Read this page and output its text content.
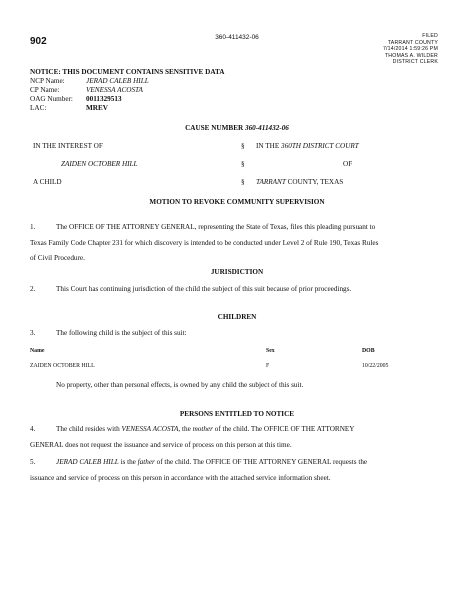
902	360-411432-06	FILED
TARRANT COUNTY
7/14/2014 1:59:26 PM
THOMAS A. WILDER
DISTRICT CLERK
NOTICE: THIS DOCUMENT CONTAINS SENSITIVE DATA
NCP Name:	JERAD CALEB HILL
CP Name:	VENESSA ACOSTA
OAG Number:	0011329513
LAC:	MREV
CAUSE NUMBER 360-411432-06
IN THE INTEREST OF	§ IN THE 360TH DISTRICT COURT
ZAIDEN OCTOBER HILL	§	OF
A CHILD	§ TARRANT COUNTY, TEXAS
MOTION TO REVOKE COMMUNITY SUPERVISION
1.	The OFFICE OF THE ATTORNEY GENERAL, representing the State of Texas, files this pleading pursuant to
Texas Family Code Chapter 231 for which discovery is intended to be conducted under Level 2 of Rule 190, Texas Rules
of Civil Procedure.
JURISDICTION
2.	This Court has continuing jurisdiction of the child the subject of this suit because of prior proceedings.
CHILDREN
3.	The following child is the subject of this suit:
Name	Sex	DOB
ZAIDEN OCTOBER HILL	F	10/22/2005
No property, other than personal effects, is owned by any child the subject of this suit.
PERSONS ENTITLED TO NOTICE
4.	The child resides with VENESSA ACOSTA, the mother of the child. The OFFICE OF THE ATTORNEY
GENERAL does not request the issuance and service of process on this person at this time.
5.	JERAD CALEB HILL is the father of the child. The OFFICE OF THE ATTORNEY GENERAL requests the
issuance and service of process on this person in accordance with the attached service information sheet.
